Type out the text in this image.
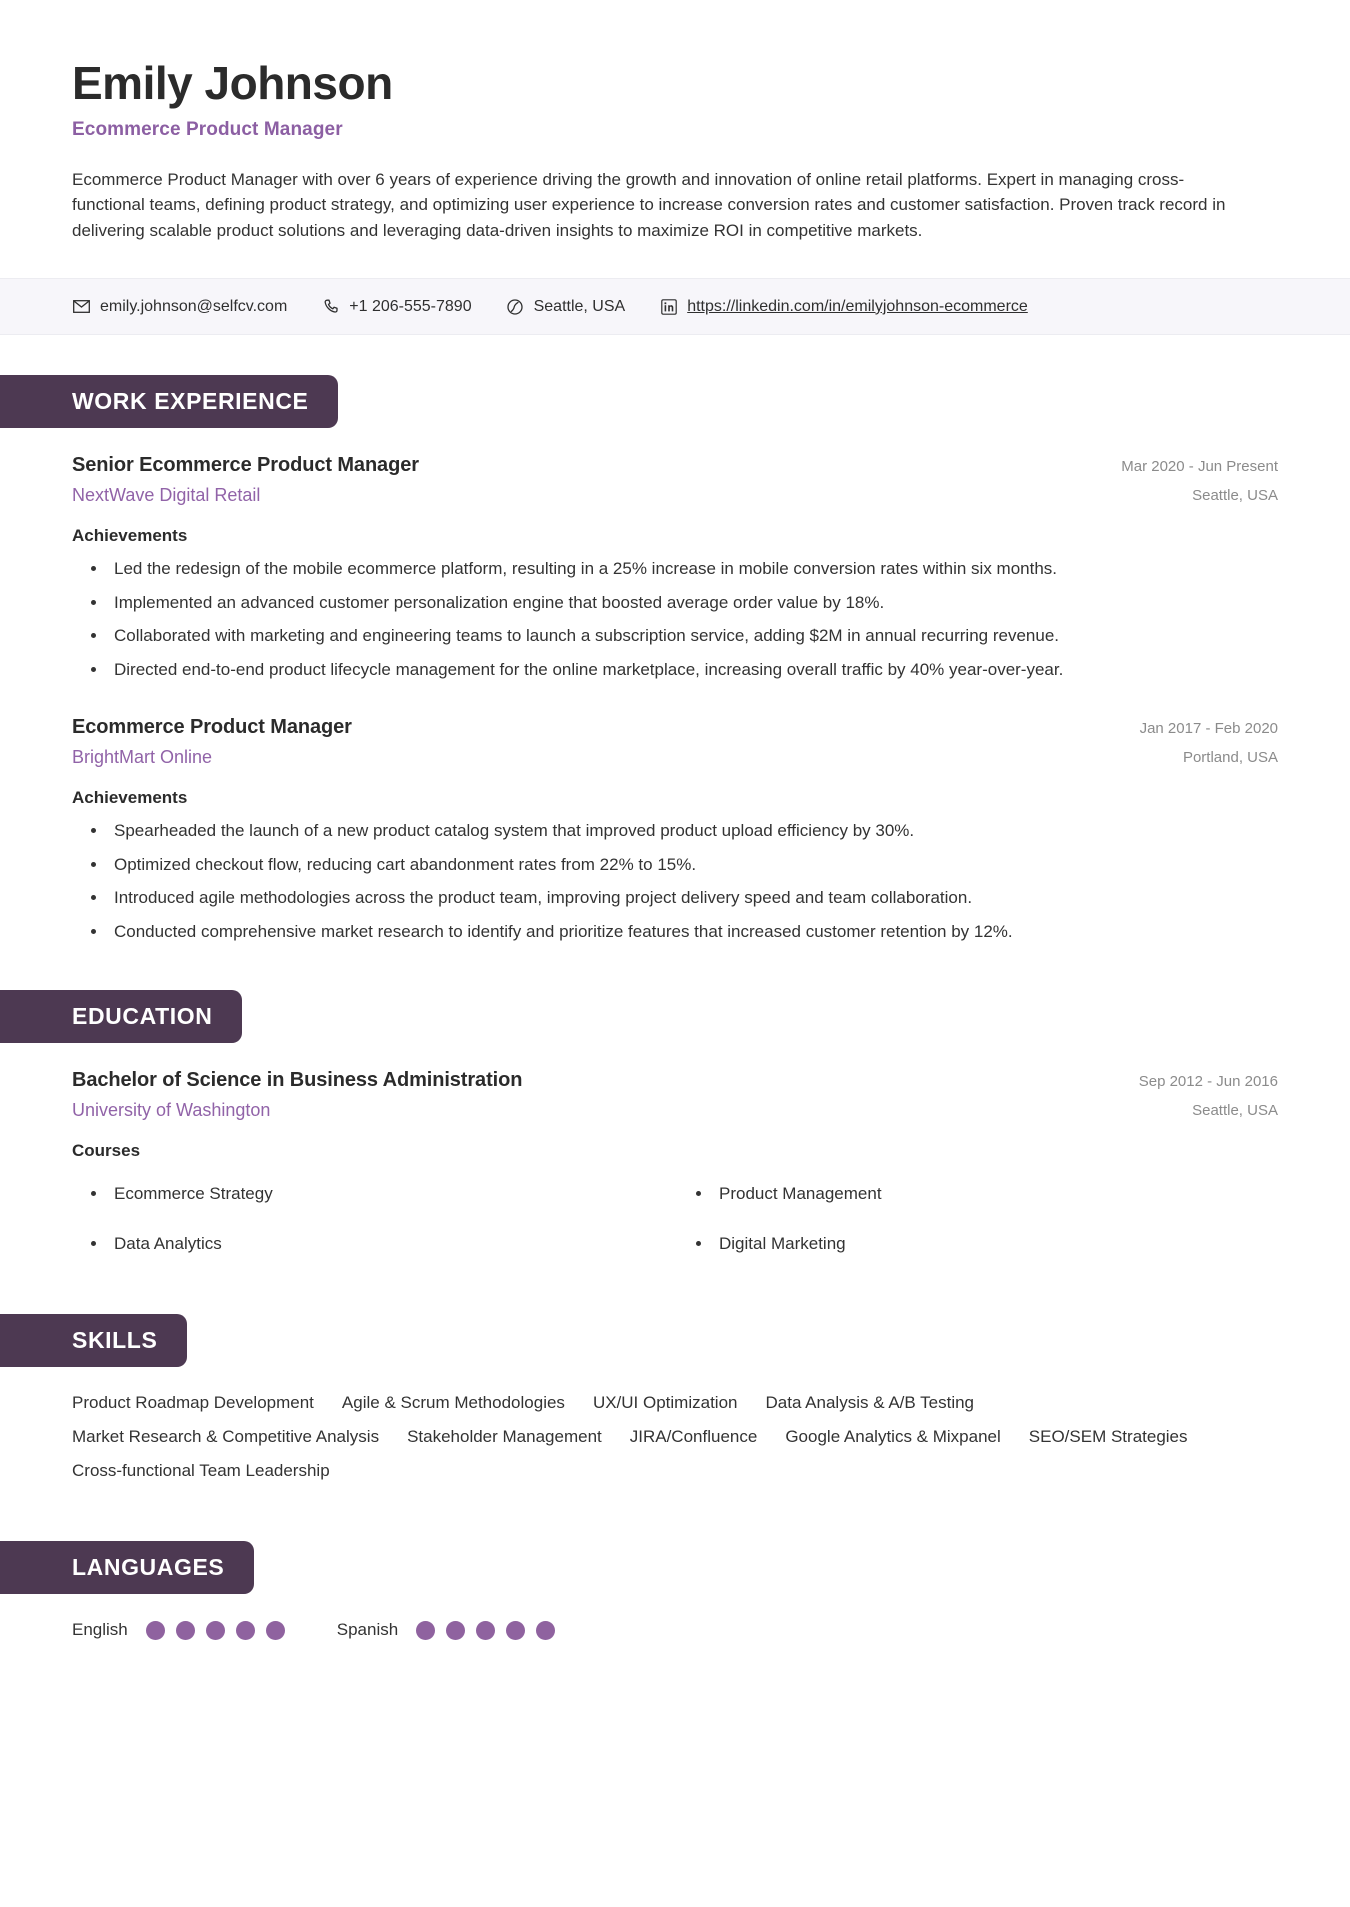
Emily Johnson
Ecommerce Product Manager
Ecommerce Product Manager with over 6 years of experience driving the growth and innovation of online retail platforms. Expert in managing cross-functional teams, defining product strategy, and optimizing user experience to increase conversion rates and customer satisfaction. Proven track record in delivering scalable product solutions and leveraging data-driven insights to maximize ROI in competitive markets.
emily.johnson@selfcv.com	+1 206-555-7890	Seattle, USA	https://linkedin.com/in/emilyjohnson-ecommerce
WORK EXPERIENCE
Senior Ecommerce Product Manager
NextWave Digital Retail
Mar 2020 - Jun Present
Seattle, USA
Achievements
• Led the redesign of the mobile ecommerce platform, resulting in a 25% increase in mobile conversion rates within six months.
• Implemented an advanced customer personalization engine that boosted average order value by 18%.
• Collaborated with marketing and engineering teams to launch a subscription service, adding $2M in annual recurring revenue.
• Directed end-to-end product lifecycle management for the online marketplace, increasing overall traffic by 40% year-over-year.
Ecommerce Product Manager
BrightMart Online
Jan 2017 - Feb 2020
Portland, USA
Achievements
• Spearheaded the launch of a new product catalog system that improved product upload efficiency by 30%.
• Optimized checkout flow, reducing cart abandonment rates from 22% to 15%.
• Introduced agile methodologies across the product team, improving project delivery speed and team collaboration.
• Conducted comprehensive market research to identify and prioritize features that increased customer retention by 12%.
EDUCATION
Bachelor of Science in Business Administration
University of Washington
Sep 2012 - Jun 2016
Seattle, USA
Courses
• Ecommerce Strategy	• Product Management
• Data Analytics	• Digital Marketing
SKILLS
Product Roadmap Development Agile & Scrum Methodologies UX/UI Optimization Data Analysis & A/B Testing
Market Research & Competitive Analysis Stakeholder Management JIRA/Confluence Google Analytics & Mixpanel SEO/SEM Strategies
Cross-functional Team Leadership
LANGUAGES
English	Spanish
